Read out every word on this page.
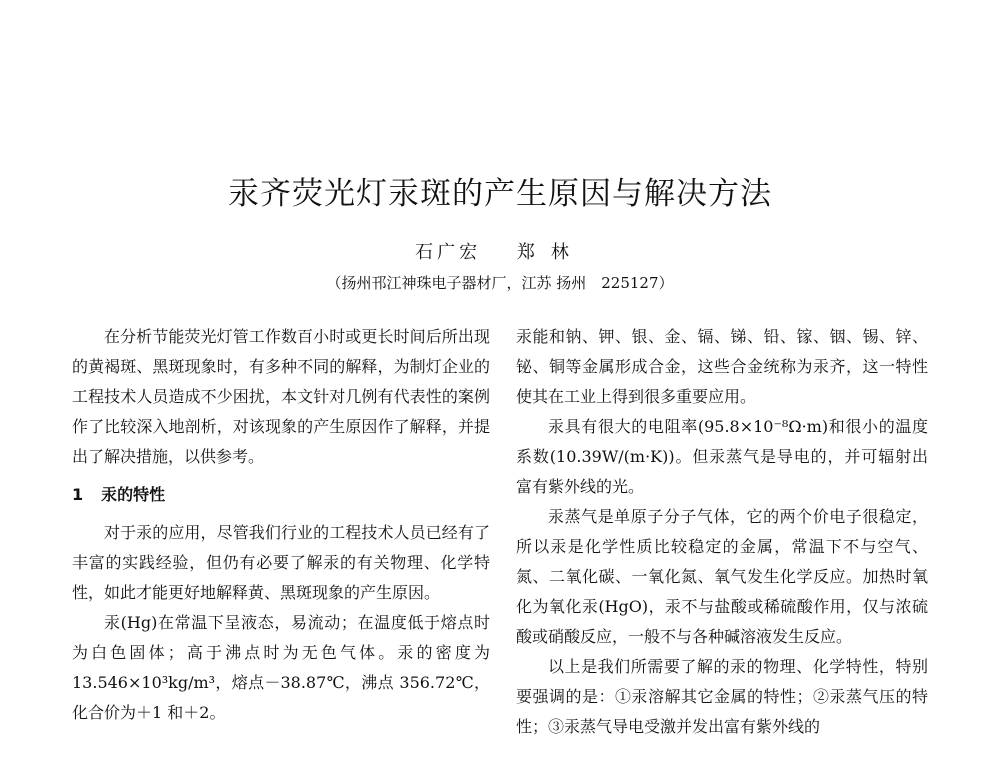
汞齐荧光灯汞斑的产生原因与解决方法
石广宏 郑林
（扬州邗江神珠电子器材厂，江苏 扬州　225127）

在分析节能荧光灯管工作数百小时或更长时间后所出现的黄褐斑、黑斑现象时，有多种不同的解释，为制灯企业的工程技术人员造成不少困扰，本文针对几例有代表性的案例作了比较深入地剖析，对该现象的产生原因作了解释，并提出了解决措施，以供参考。

1 汞的特性

对于汞的应用，尽管我们行业的工程技术人员已经有了丰富的实践经验，但仍有必要了解汞的有关物理、化学特性，如此才能更好地解释黄、黑斑现象的产生原因。

汞(Hg)在常温下呈液态，易流动；在温度低于熔点时为白色固体；高于沸点时为无色气体。汞的密度为 13.546×10³kg/m³，熔点－38.87℃，沸点 356.72℃，化合价为＋1 和＋2。

汞能和钠、钾、银、金、镉、锑、铅、镓、铟、锡、锌、铋、铜等金属形成合金，这些合金统称为汞齐，这一特性使其在工业上得到很多重要应用。

汞具有很大的电阻率(95.8×10⁻⁸Ω·m)和很小的温度系数(10.39W/(m·K))。但汞蒸气是导电的，并可辐射出富有紫外线的光。

汞蒸气是单原子分子气体，它的两个价电子很稳定，所以汞是化学性质比较稳定的金属，常温下不与空气、氮、二氧化碳、一氧化氮、氧气发生化学反应。加热时氧化为氧化汞(HgO)，汞不与盐酸或稀硫酸作用，仅与浓硫酸或硝酸反应，一般不与各种碱溶液发生反应。

以上是我们所需要了解的汞的物理、化学特性，特别要强调的是：①汞溶解其它金属的特性；②汞蒸气压的特性；③汞蒸气导电受激并发出富有紫外线的
